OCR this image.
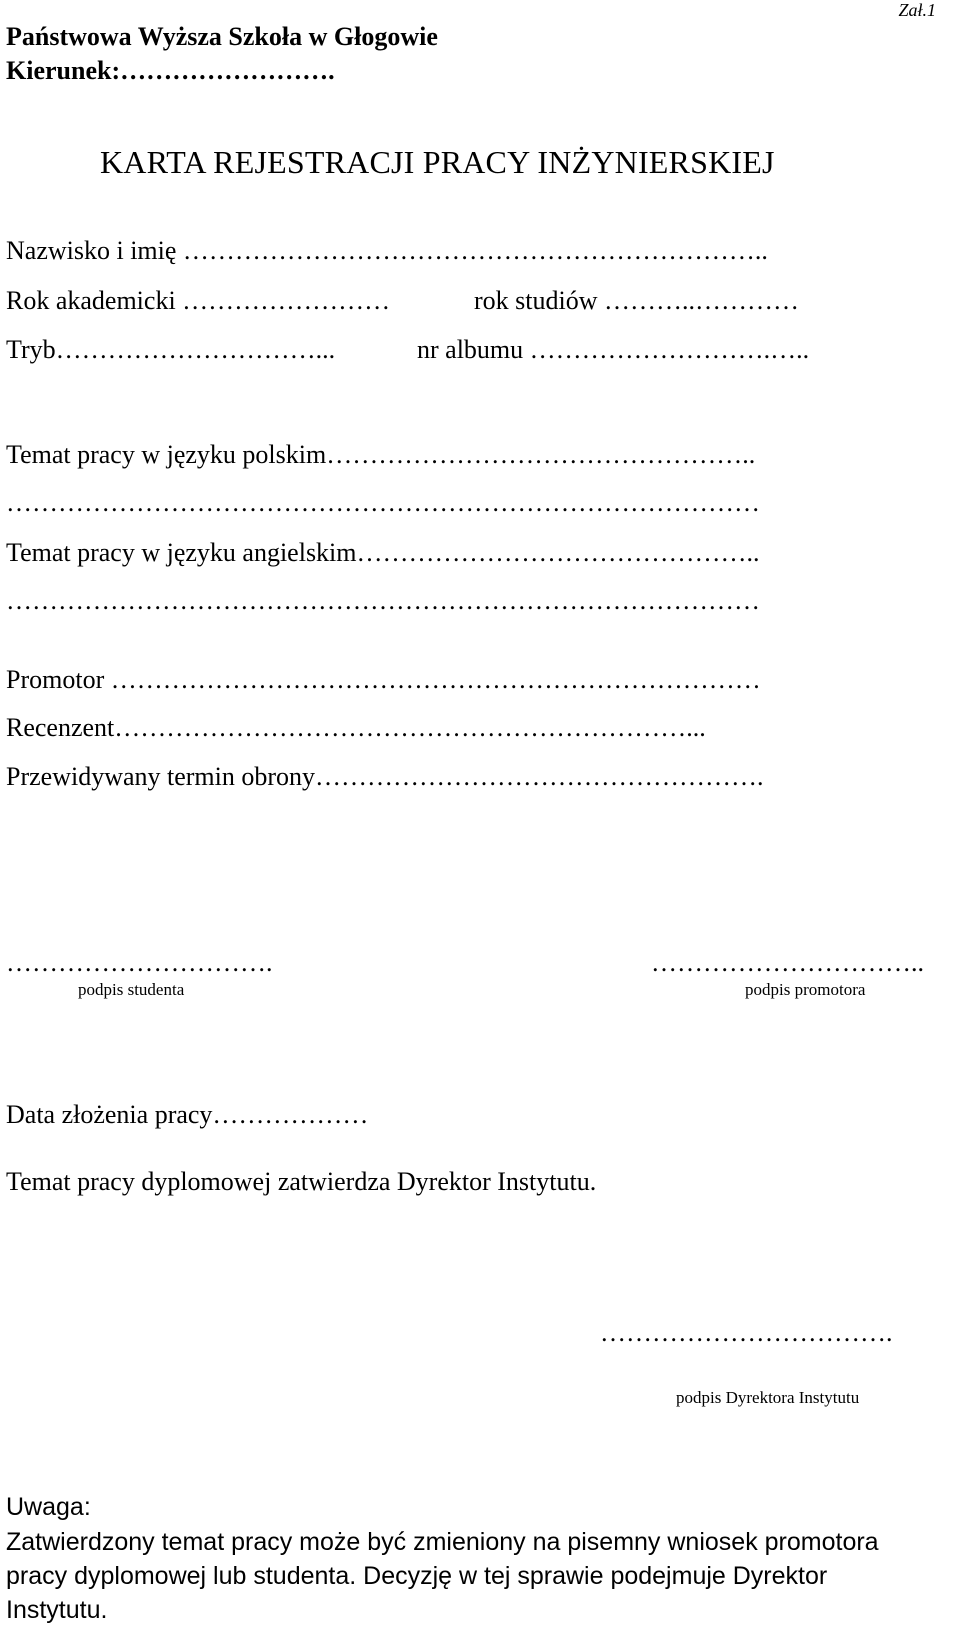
Zał.1
Państwowa Wyższa Szkoła w Głogowie
Kierunek:…………………….
KARTA REJESTRACJI PRACY INŻYNIERSKIEJ
Nazwisko i imię …………………………………………………………..
Rok akademicki ……………………	rok studiów ………..…………
Tryb…………………………...	nr albumu ……………………….…..
Temat pracy w języku polskim…………………………………………..
……………………………………………………………………………
Temat pracy w języku angielskim………………………………………..
……………………………………………………………………………
Promotor …………………………………………………………………
Recenzent…………………………………………………………...
Przewidywany termin obrony…………………………………………….
………………………….
podpis studenta
…………………………..
podpis promotora
Data złożenia pracy………………
Temat pracy dyplomowej zatwierdza Dyrektor Instytutu.
…………………………….
podpis Dyrektora Instytutu
Uwaga:
Zatwierdzony temat pracy może być zmieniony na pisemny wniosek promotora
pracy dyplomowej lub studenta. Decyzję w tej sprawie podejmuje Dyrektor
Instytutu.
